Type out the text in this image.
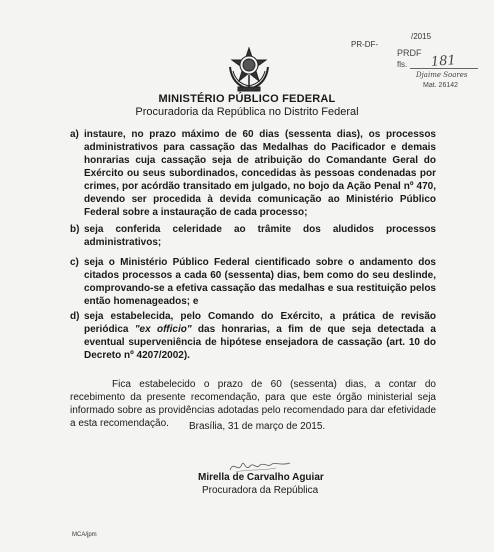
PR-DF-
/2015
PRDF
181
fls.
Djaime Soares
Mat. 26142
MINISTÉRIO PÚBLICO FEDERAL
Procuradoria da República no Distrito Federal
a) instaure, no prazo máximo de 60 dias (sessenta dias), os processos administrativos para cassação das Medalhas do Pacificador e demais honrarias cuja cassação seja de atribuição do Comandante Geral do Exército ou seus subordinados, concedidas às pessoas condenadas por crimes, por acórdão transitado em julgado, no bojo da Ação Penal nº 470, devendo ser procedida à devida comunicação ao Ministério Público Federal sobre a instauração de cada processo;
b) seja conferida celeridade ao trâmite dos aludidos processos administrativos;
c) seja o Ministério Público Federal cientificado sobre o andamento dos citados processos a cada 60 (sessenta) dias, bem como do seu deslinde, comprovando-se a efetiva cassação das medalhas e sua restituição pelos então homenageados; e
d) seja estabelecida, pelo Comando do Exército, a prática de revisão periódica "ex officio" das honrarias, a fim de que seja detectada a eventual superveniência de hipótese ensejadora de cassação (art. 10 do Decreto nº 4207/2002).
Fica estabelecido o prazo de 60 (sessenta) dias, a contar do recebimento da presente recomendação, para que este órgão ministerial seja informado sobre as providências adotadas pelo recomendado para dar efetividade a esta recomendação.	Brasília, 31 de março de 2015.
Mirella de Carvalho Aguiar
Procuradora da República
MCA/jpm
